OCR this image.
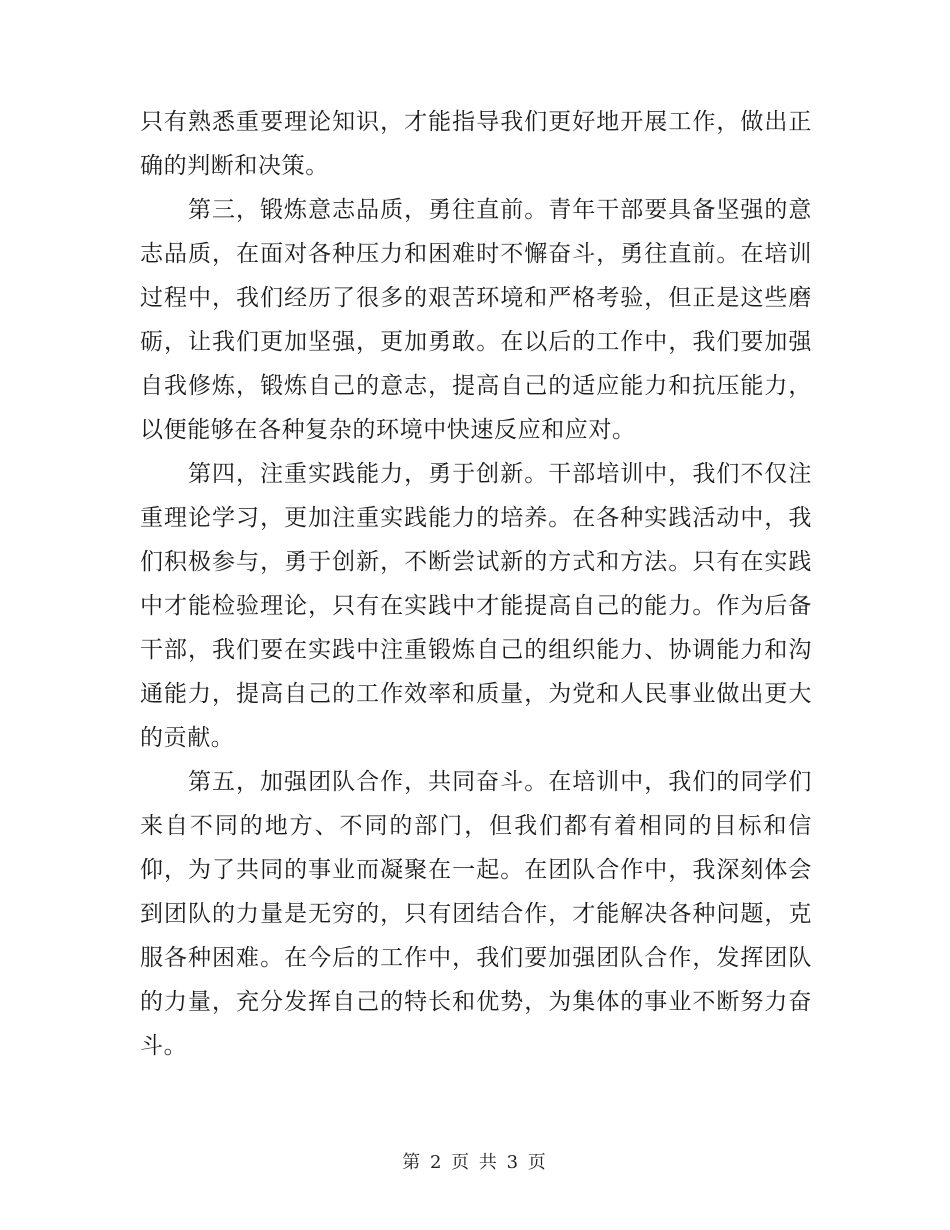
只有熟悉重要理论知识，才能指导我们更好地开展工作，做出正确的判断和决策。

第三，锻炼意志品质，勇往直前。青年干部要具备坚强的意志品质，在面对各种压力和困难时不懈奋斗，勇往直前。在培训过程中，我们经历了很多的艰苦环境和严格考验，但正是这些磨砺，让我们更加坚强，更加勇敢。在以后的工作中，我们要加强自我修炼，锻炼自己的意志，提高自己的适应能力和抗压能力，以便能够在各种复杂的环境中快速反应和应对。

第四，注重实践能力，勇于创新。干部培训中，我们不仅注重理论学习，更加注重实践能力的培养。在各种实践活动中，我们积极参与，勇于创新，不断尝试新的方式和方法。只有在实践中才能检验理论，只有在实践中才能提高自己的能力。作为后备干部，我们要在实践中注重锻炼自己的组织能力、协调能力和沟通能力，提高自己的工作效率和质量，为党和人民事业做出更大的贡献。

第五，加强团队合作，共同奋斗。在培训中，我们的同学们来自不同的地方、不同的部门，但我们都有着相同的目标和信仰，为了共同的事业而凝聚在一起。在团队合作中，我深刻体会到团队的力量是无穷的，只有团结合作，才能解决各种问题，克服各种困难。在今后的工作中，我们要加强团队合作，发挥团队的力量，充分发挥自己的特长和优势，为集体的事业不断努力奋斗。

第 2 页 共 3 页
